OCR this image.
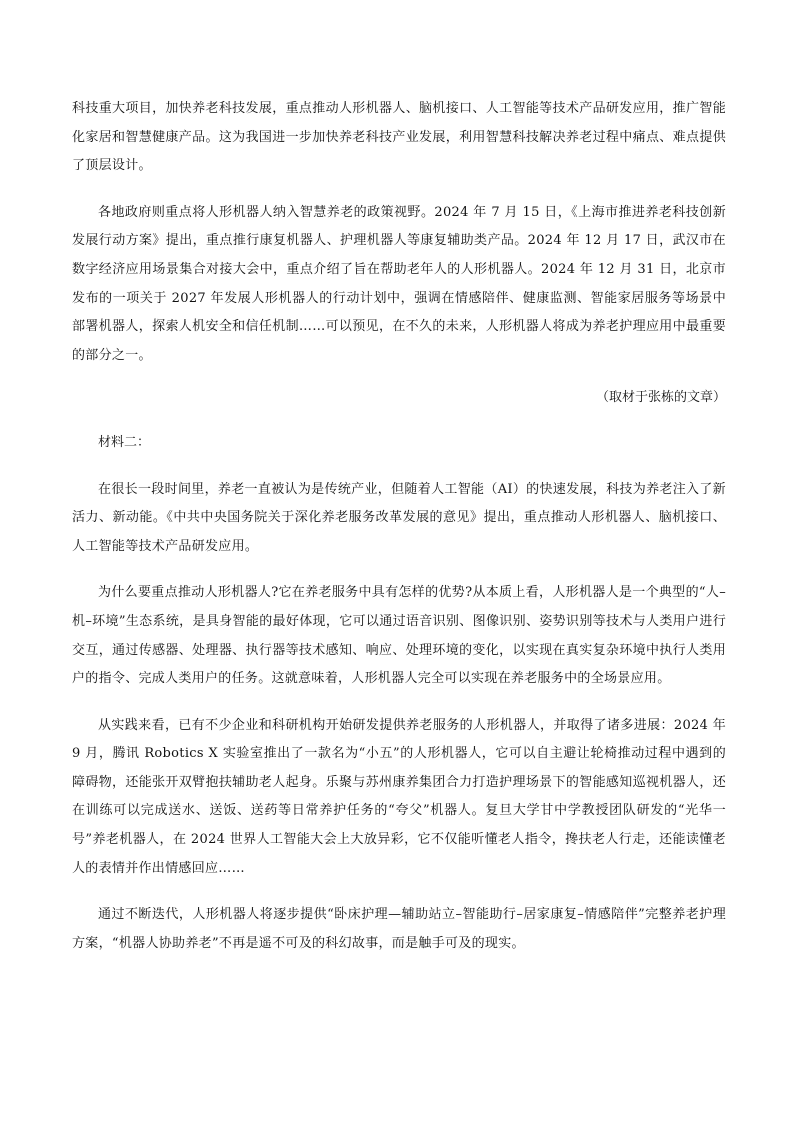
科技重大项目，加快养老科技发展，重点推动人形机器人、脑机接口、人工智能等技术产品研发应用，推广智能化家居和智慧健康产品。这为我国进一步加快养老科技产业发展，利用智慧科技解决养老过程中痛点、难点提供了顶层设计。

各地政府则重点将人形机器人纳入智慧养老的政策视野。2024 年 7 月 15 日，《上海市推进养老科技创新发展行动方案》提出，重点推行康复机器人、护理机器人等康复辅助类产品。2024 年 12 月 17 日，武汉市在数字经济应用场景集合对接大会中，重点介绍了旨在帮助老年人的人形机器人。2024 年 12 月 31 日，北京市发布的一项关于 2027 年发展人形机器人的行动计划中，强调在情感陪伴、健康监测、智能家居服务等场景中部署机器人，探索人机安全和信任机制……可以预见，在不久的未来，人形机器人将成为养老护理应用中最重要的部分之一。

（取材于张栋的文章）

材料二：

在很长一段时间里，养老一直被认为是传统产业，但随着人工智能（AI）的快速发展，科技为养老注入了新活力、新动能。《中共中央国务院关于深化养老服务改革发展的意见》提出，重点推动人形机器人、脑机接口、人工智能等技术产品研发应用。

为什么要重点推动人形机器人?它在养老服务中具有怎样的优势?从本质上看，人形机器人是一个典型的“人–机–环境”生态系统，是具身智能的最好体现，它可以通过语音识别、图像识别、姿势识别等技术与人类用户进行交互，通过传感器、处理器、执行器等技术感知、响应、处理环境的变化，以实现在真实复杂环境中执行人类用户的指令、完成人类用户的任务。这就意味着，人形机器人完全可以实现在养老服务中的全场景应用。

从实践来看，已有不少企业和科研机构开始研发提供养老服务的人形机器人，并取得了诸多进展：2024 年 9 月，腾讯 Robotics X 实验室推出了一款名为“小五”的人形机器人，它可以自主避让轮椅推动过程中遇到的障碍物，还能张开双臂抱扶辅助老人起身。乐聚与苏州康养集团合力打造护理场景下的智能感知巡视机器人，还在训练可以完成送水、送饭、送药等日常养护任务的“夸父”机器人。复旦大学甘中学教授团队研发的“光华一号”养老机器人，在 2024 世界人工智能大会上大放异彩，它不仅能听懂老人指令，搀扶老人行走，还能读懂老人的表情并作出情感回应……

通过不断迭代，人形机器人将逐步提供“卧床护理—辅助站立–智能助行–居家康复–情感陪伴”完整养老护理方案，“机器人协助养老”不再是遥不可及的科幻故事，而是触手可及的现实。
